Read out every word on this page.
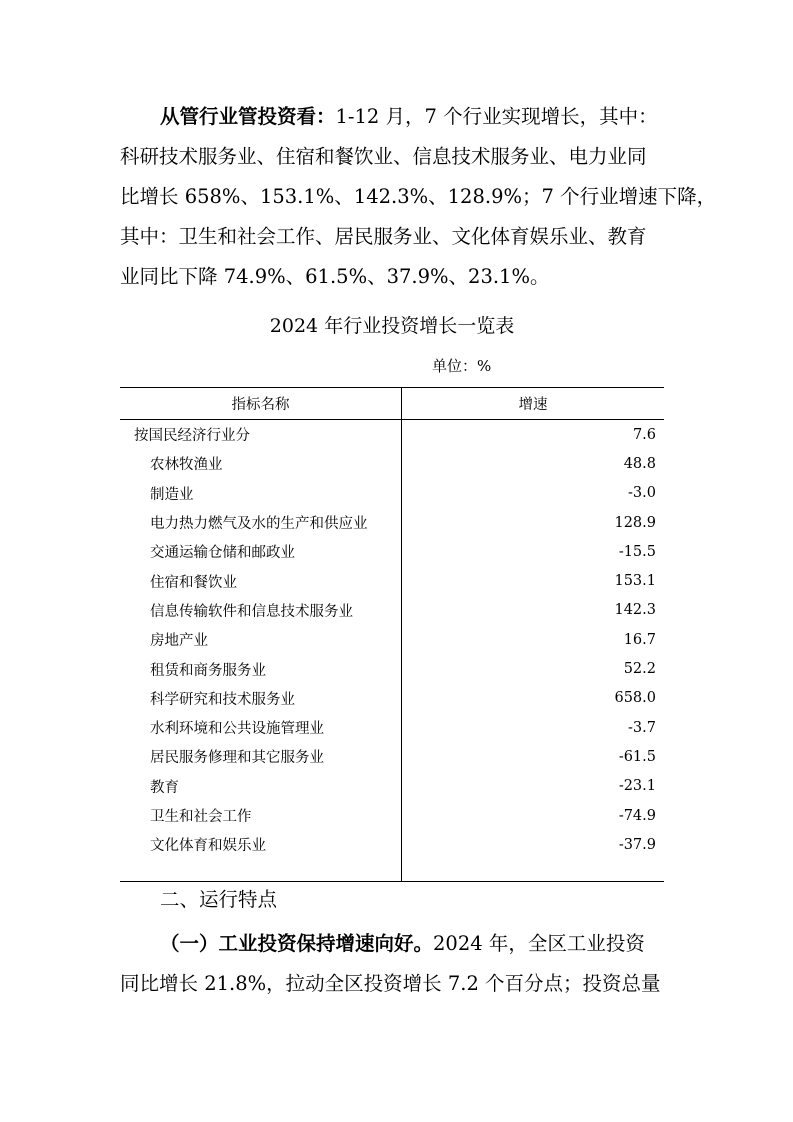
从管行业管投资看：1-12 月，7 个行业实现增长，其中：
科研技术服务业、住宿和餐饮业、信息技术服务业、电力业同
比增长 658%、153.1%、142.3%、128.9%；7 个行业增速下降，
其中：卫生和社会工作、居民服务业、文化体育娱乐业、教育
业同比下降 74.9%、61.5%、37.9%、23.1%。
2024 年行业投资增长一览表
单位：%
指标名称	增速
按国民经济行业分	7.6
农林牧渔业	48.8
制造业	-3.0
电力热力燃气及水的生产和供应业	128.9
交通运输仓储和邮政业	-15.5
住宿和餐饮业	153.1
信息传输软件和信息技术服务业	142.3
房地产业	16.7
租赁和商务服务业	52.2
科学研究和技术服务业	658.0
水利环境和公共设施管理业	-3.7
居民服务修理和其它服务业	-61.5
教育	-23.1
卫生和社会工作	-74.9
文化体育和娱乐业	-37.9

二、运行特点
（一）工业投资保持增速向好。2024 年，全区工业投资
同比增长 21.8%，拉动全区投资增长 7.2 个百分点；投资总量
